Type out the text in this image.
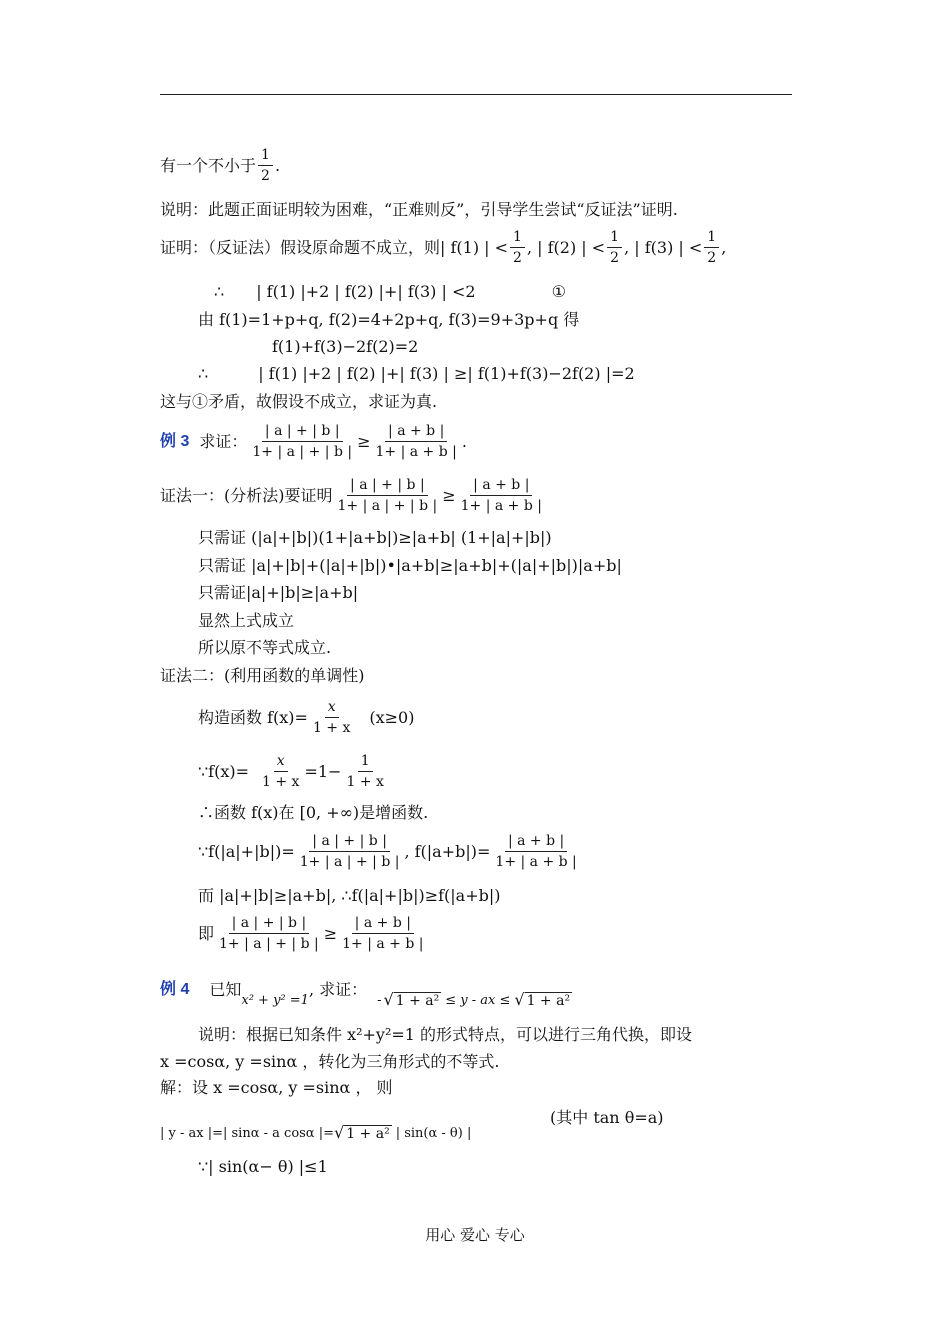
有一个不小于
1
2
.
说明：此题正面证明较为困难，“正难则反”，引导学生尝试“反证法”证明.
证明：（反证法）假设原命题不成立，则 | f(1) | <
1
2
, | f(2) | <
1
2
, | f(3) | <
1
2
,
∴ | f(1) |+2 | f(2) |+| f(3) | <2	①
由 f(1)=1+p+q, f(2)=4+2p+q, f(3)=9+3p+q 得
f(1)+f(3)−2f(2)=2
∴	| f(1) |+2 | f(2) |+| f(3) | ≥| f(1)+f(3)−2f(2) |=2
这与①矛盾，故假设不成立，求证为真.
例 3 求证： $\frac{| a | + | b |}{1+ | a | + | b |} \ge \frac{| a + b |}{1+ | a + b |}$ .
证法一：(分析法)要证明 $\frac{| a | + | b |}{1+ | a | + | b |} \ge \frac{| a + b |}{1+ | a + b |}$
只需证 (|a|+|b|)(1+|a+b|)≥|a+b| (1+|a|+|b|)
只需证 |a|+|b|+(|a|+|b|)•|a+b|≥|a+b|+(|a|+|b|)|a+b|
只需证|a|+|b|≥|a+b|
显然上式成立
所以原不等式成立.
证法二：(利用函数的单调性)
构造函数 $f(x)= \frac{x}{1 + x} (x\ge 0)$
∵f(x)= $\frac{x}{1 + x} =1- \frac{1}{1 + x}$
∴函数 f(x)在 [0, +∞)是增函数.
∵f(|a|+|b|)= $\frac{| a | + | b |}{1+ | a | + | b |}$ , $f(|a+b|)= \frac{| a + b |}{1+ | a + b |}$
而 |a|+|b|≥|a+b|, ∴f(|a|+|b|)≥f(|a+b|)
即 $\frac{| a | + | b |}{1+ | a | + | b |} \ge \frac{| a + b |}{1+ | a + b |}$
例 4 已知
x² + y² =1
, 求证：
- √ 1 + a² ≤ y - ax ≤ √ 1 + a²
说明：根据已知条件 x²+y²=1 的形式特点，可以进行三角代换，即设
x =cosα, y =sinα ，转化为三角形式的不等式.
解：设 x =cosα, y =sinα ， 则
(其中 tan θ=a)
| y - ax |=| sinα - a cosα |= √ 1 + a² | sin(α - θ) |
∵| sin(α− θ) |≤1
用心 爱心 专心
